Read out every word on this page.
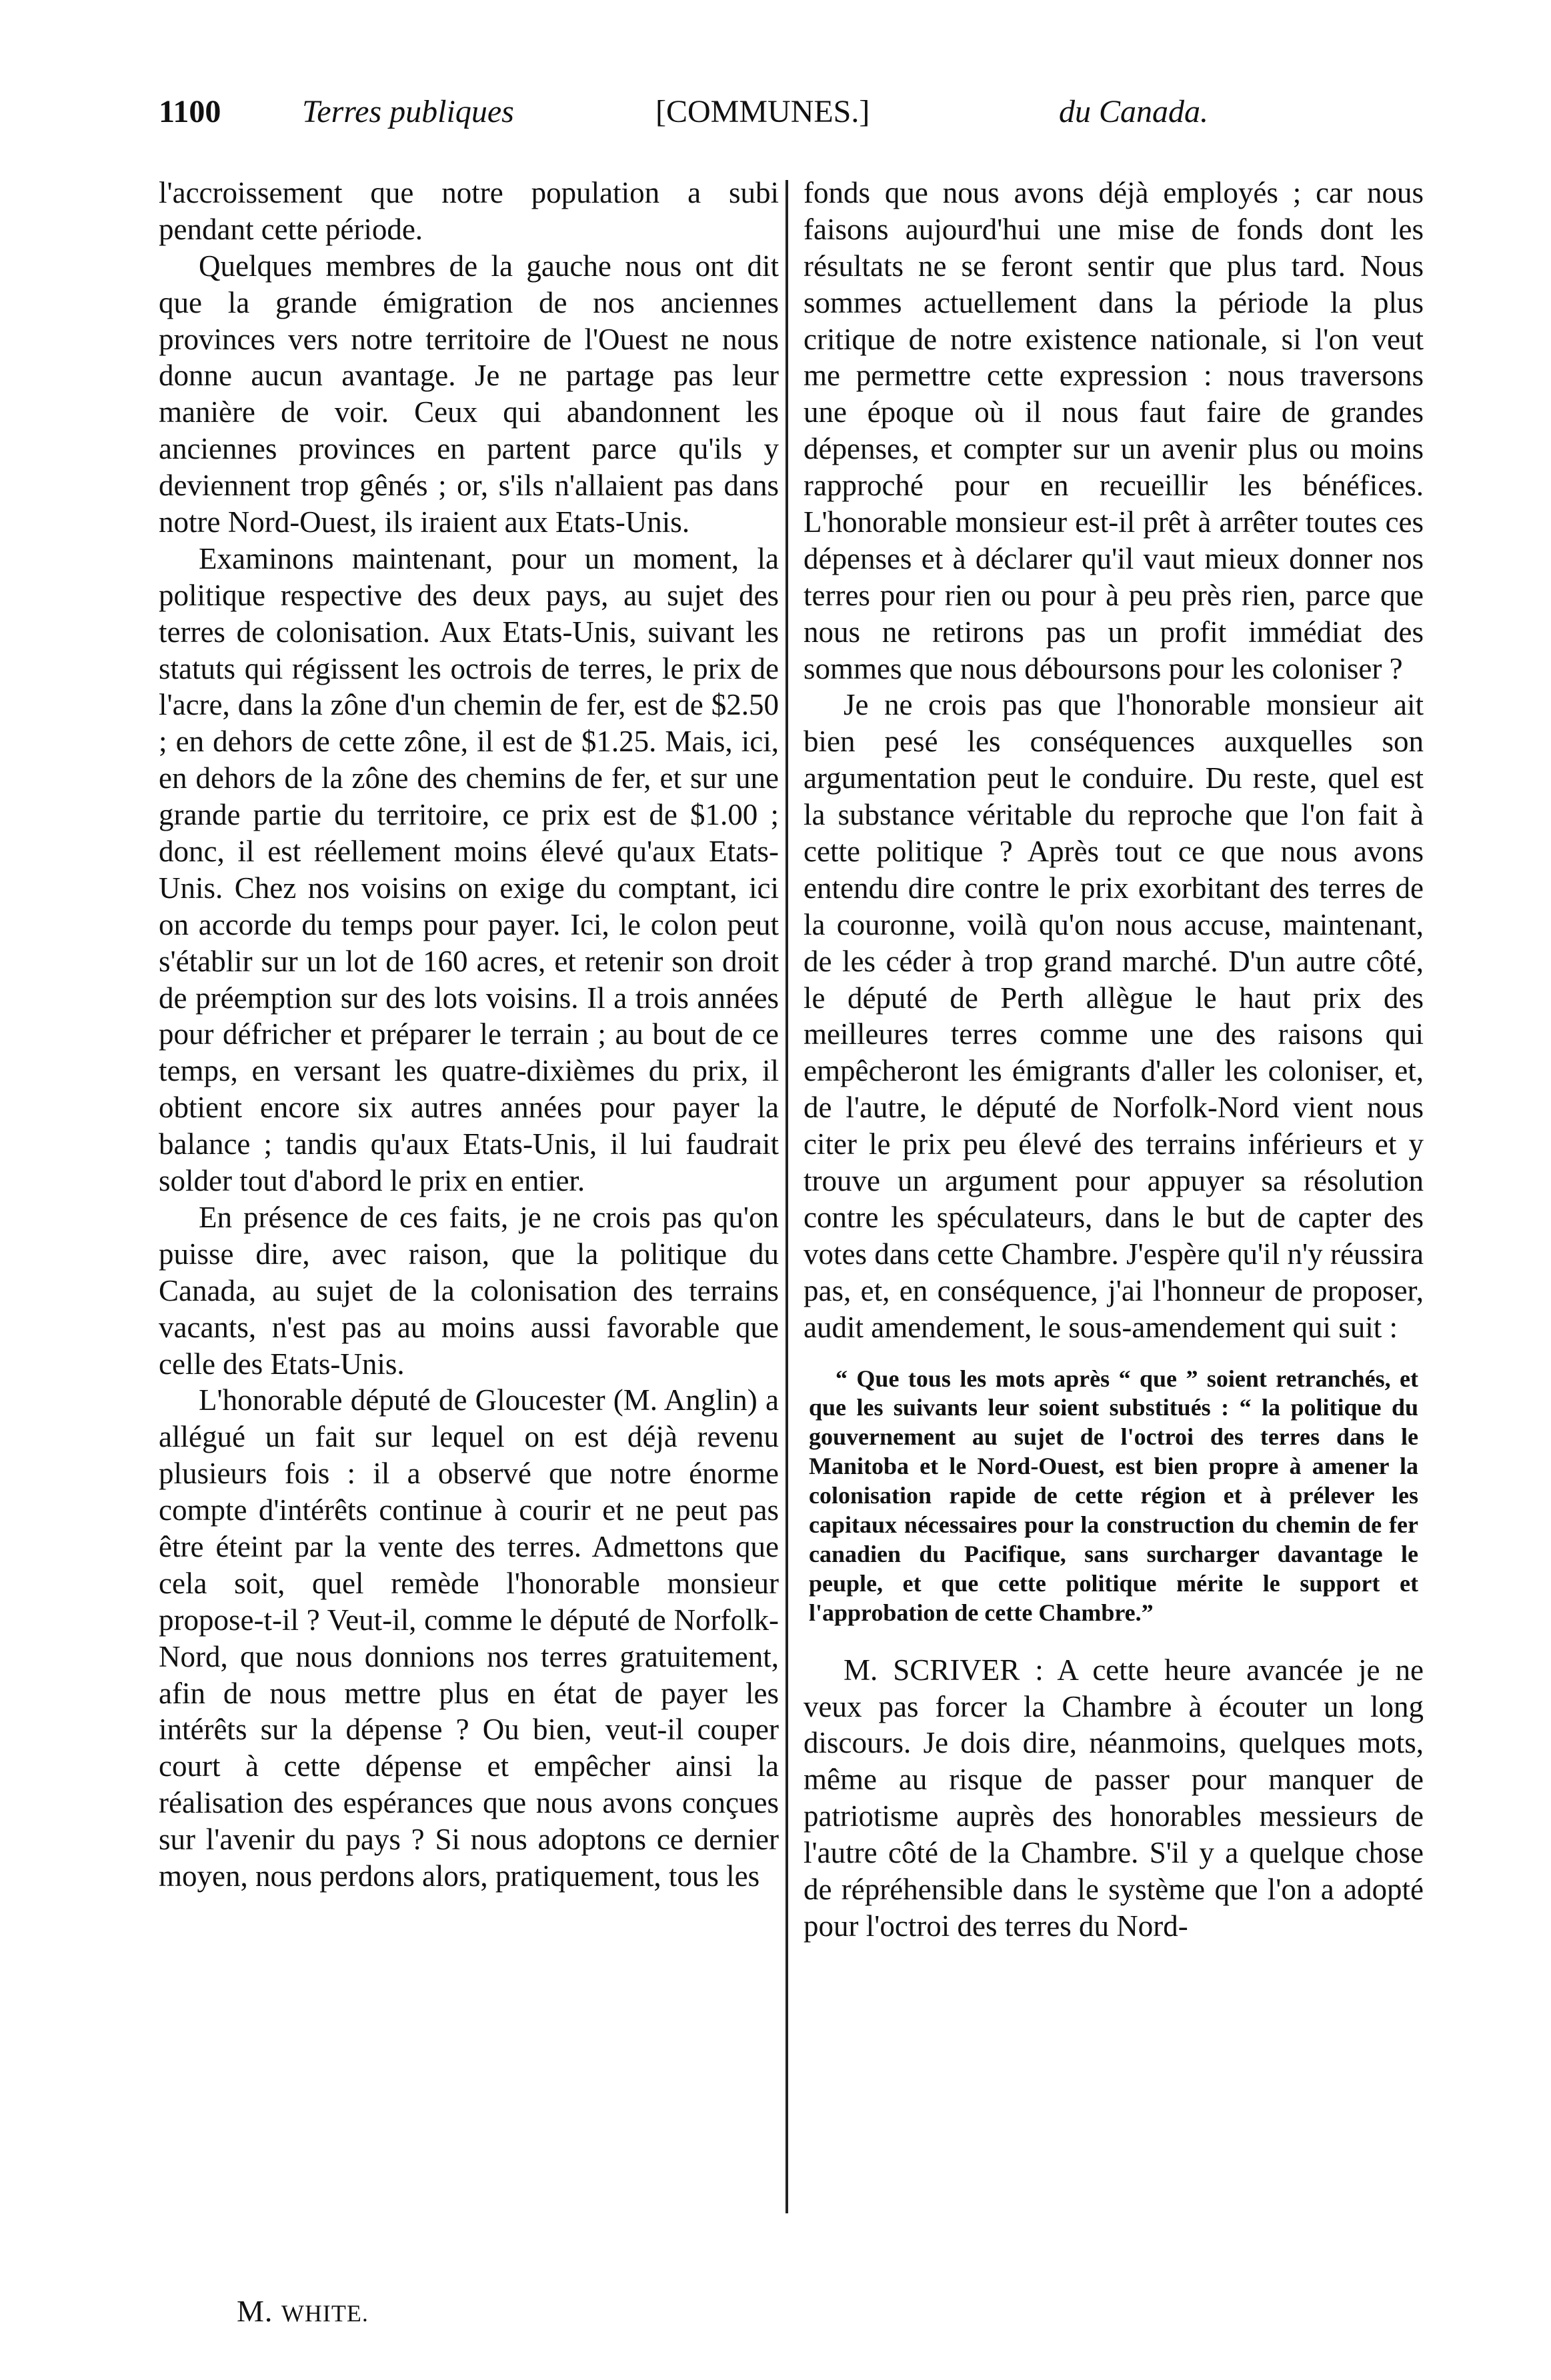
1100	Terres publiques	[COMMUNES.]	du Canada.

l'accroissement que notre population a subi pendant cette période.

Quelques membres de la gauche nous ont dit que la grande émigration de nos anciennes provinces vers notre territoire de l'Ouest ne nous donne aucun avantage. Je ne partage pas leur manière de voir. Ceux qui abandonnent les anciennes provinces en partent parce qu'ils y deviennent trop gênés ; or, s'ils n'allaient pas dans notre Nord-Ouest, ils iraient aux Etats-Unis.

Examinons maintenant, pour un moment, la politique respective des deux pays, au sujet des terres de colonisation. Aux Etats-Unis, suivant les statuts qui régissent les octrois de terres, le prix de l'acre, dans la zône d'un chemin de fer, est de $2.50 ; en dehors de cette zône, il est de $1.25. Mais, ici, en dehors de la zône des chemins de fer, et sur une grande partie du territoire, ce prix est de $1.00 ; donc, il est réellement moins élevé qu'aux Etats-Unis. Chez nos voisins on exige du comptant, ici on accorde du temps pour payer. Ici, le colon peut s'établir sur un lot de 160 acres, et retenir son droit de préemption sur des lots voisins. Il a trois années pour défricher et préparer le terrain ; au bout de ce temps, en versant les quatre-dixièmes du prix, il obtient encore six autres années pour payer la balance ; tandis qu'aux Etats-Unis, il lui faudrait solder tout d'abord le prix en entier.

En présence de ces faits, je ne crois pas qu'on puisse dire, avec raison, que la politique du Canada, au sujet de la colonisation des terrains vacants, n'est pas au moins aussi favorable que celle des Etats-Unis.

L'honorable député de Gloucester (M. Anglin) a allégué un fait sur lequel on est déjà revenu plusieurs fois : il a observé que notre énorme compte d'intérêts continue à courir et ne peut pas être éteint par la vente des terres. Admettons que cela soit, quel remède l'honorable monsieur propose-t-il ? Veut-il, comme le député de Norfolk-Nord, que nous donnions nos terres gratuitement, afin de nous mettre plus en état de payer les intérêts sur la dépense ? Ou bien, veut-il couper court à cette dépense et empêcher ainsi la réalisation des espérances que nous avons conçues sur l'avenir du pays ? Si nous adoptons ce dernier moyen, nous perdons alors, pratiquement, tous les

fonds que nous avons déjà employés ; car nous faisons aujourd'hui une mise de fonds dont les résultats ne se feront sentir que plus tard. Nous sommes actuellement dans la période la plus critique de notre existence nationale, si l'on veut me permettre cette expression : nous traversons une époque où il nous faut faire de grandes dépenses, et compter sur un avenir plus ou moins rapproché pour en recueillir les bénéfices. L'honorable monsieur est-il prêt à arrêter toutes ces dépenses et à déclarer qu'il vaut mieux donner nos terres pour rien ou pour à peu près rien, parce que nous ne retirons pas un profit immédiat des sommes que nous déboursons pour les coloniser ?

Je ne crois pas que l'honorable monsieur ait bien pesé les conséquences auxquelles son argumentation peut le conduire. Du reste, quel est la substance véritable du reproche que l'on fait à cette politique ? Après tout ce que nous avons entendu dire contre le prix exorbitant des terres de la couronne, voilà qu'on nous accuse, maintenant, de les céder à trop grand marché. D'un autre côté, le député de Perth allègue le haut prix des meilleures terres comme une des raisons qui empêcheront les émigrants d'aller les coloniser, et, de l'autre, le député de Norfolk-Nord vient nous citer le prix peu élevé des terrains inférieurs et y trouve un argument pour appuyer sa résolution contre les spéculateurs, dans le but de capter des votes dans cette Chambre. J'espère qu'il n'y réussira pas, et, en conséquence, j'ai l'honneur de proposer, audit amendement, le sous-amendement qui suit :

“ Que tous les mots après “ que ” soient retranchés, et que les suivants leur soient substitués : “ la politique du gouvernement au sujet de l'octroi des terres dans le Manitoba et le Nord-Ouest, est bien propre à amener la colonisation rapide de cette région et à prélever les capitaux nécessaires pour la construction du chemin de fer canadien du Pacifique, sans surcharger davantage le peuple, et que cette politique mérite le support et l'approbation de cette Chambre.”

M. SCRIVER : A cette heure avancée je ne veux pas forcer la Chambre à écouter un long discours. Je dois dire, néanmoins, quelques mots, même au risque de passer pour manquer de patriotisme auprès des honorables messieurs de l'autre côté de la Chambre. S'il y a quelque chose de répréhensible dans le système que l'on a adopté pour l'octroi des terres du Nord-

M. WHITE.
